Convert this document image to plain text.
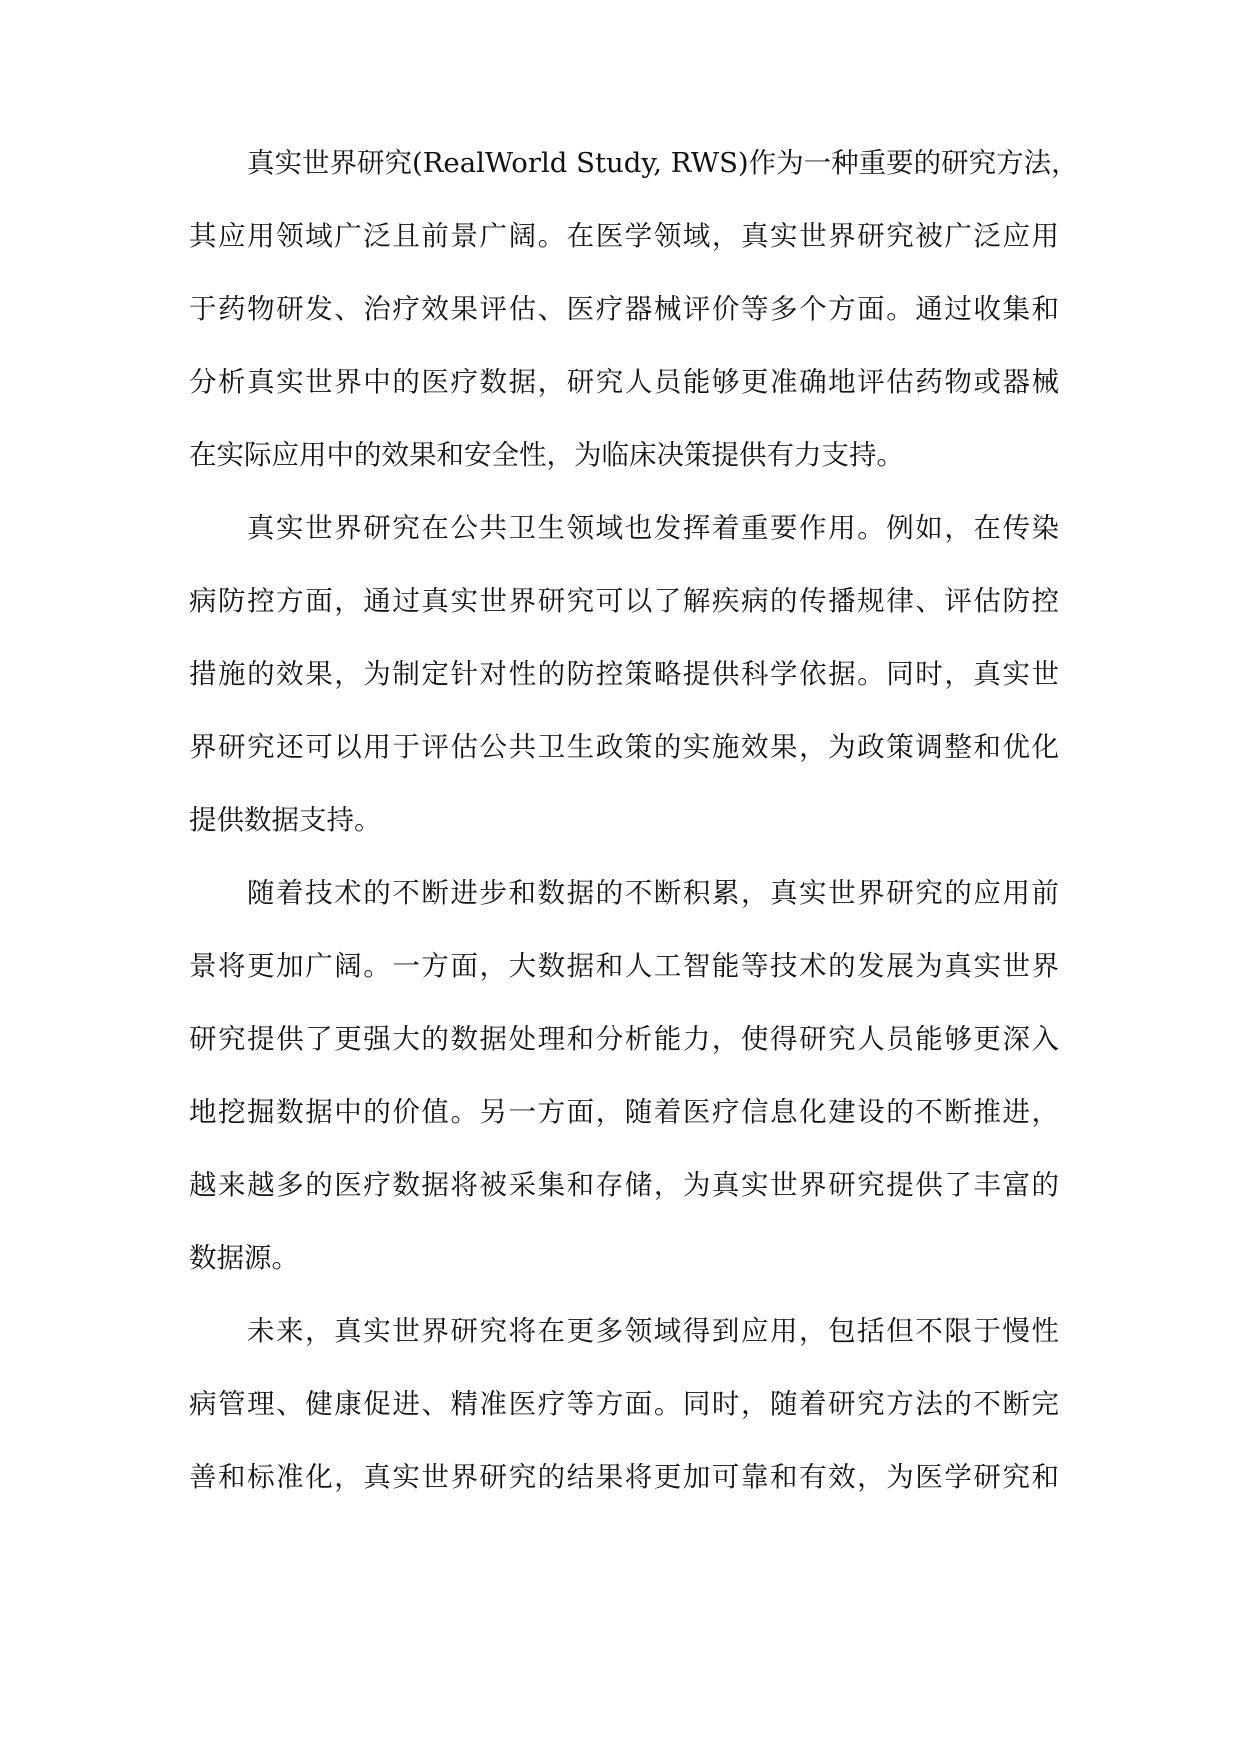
真实世界研究(RealWorld Study, RWS)作为一种重要的研究方法，
其应用领域广泛且前景广阔。在医学领域，真实世界研究被广泛应用
于药物研发、治疗效果评估、医疗器械评价等多个方面。通过收集和
分析真实世界中的医疗数据，研究人员能够更准确地评估药物或器械
在实际应用中的效果和安全性，为临床决策提供有力支持。
真实世界研究在公共卫生领域也发挥着重要作用。例如，在传染
病防控方面，通过真实世界研究可以了解疾病的传播规律、评估防控
措施的效果，为制定针对性的防控策略提供科学依据。同时，真实世
界研究还可以用于评估公共卫生政策的实施效果，为政策调整和优化
提供数据支持。
随着技术的不断进步和数据的不断积累，真实世界研究的应用前
景将更加广阔。一方面，大数据和人工智能等技术的发展为真实世界
研究提供了更强大的数据处理和分析能力，使得研究人员能够更深入
地挖掘数据中的价值。另一方面，随着医疗信息化建设的不断推进，
越来越多的医疗数据将被采集和存储，为真实世界研究提供了丰富的
数据源。
未来，真实世界研究将在更多领域得到应用，包括但不限于慢性
病管理、健康促进、精准医疗等方面。同时，随着研究方法的不断完
善和标准化，真实世界研究的结果将更加可靠和有效，为医学研究和
